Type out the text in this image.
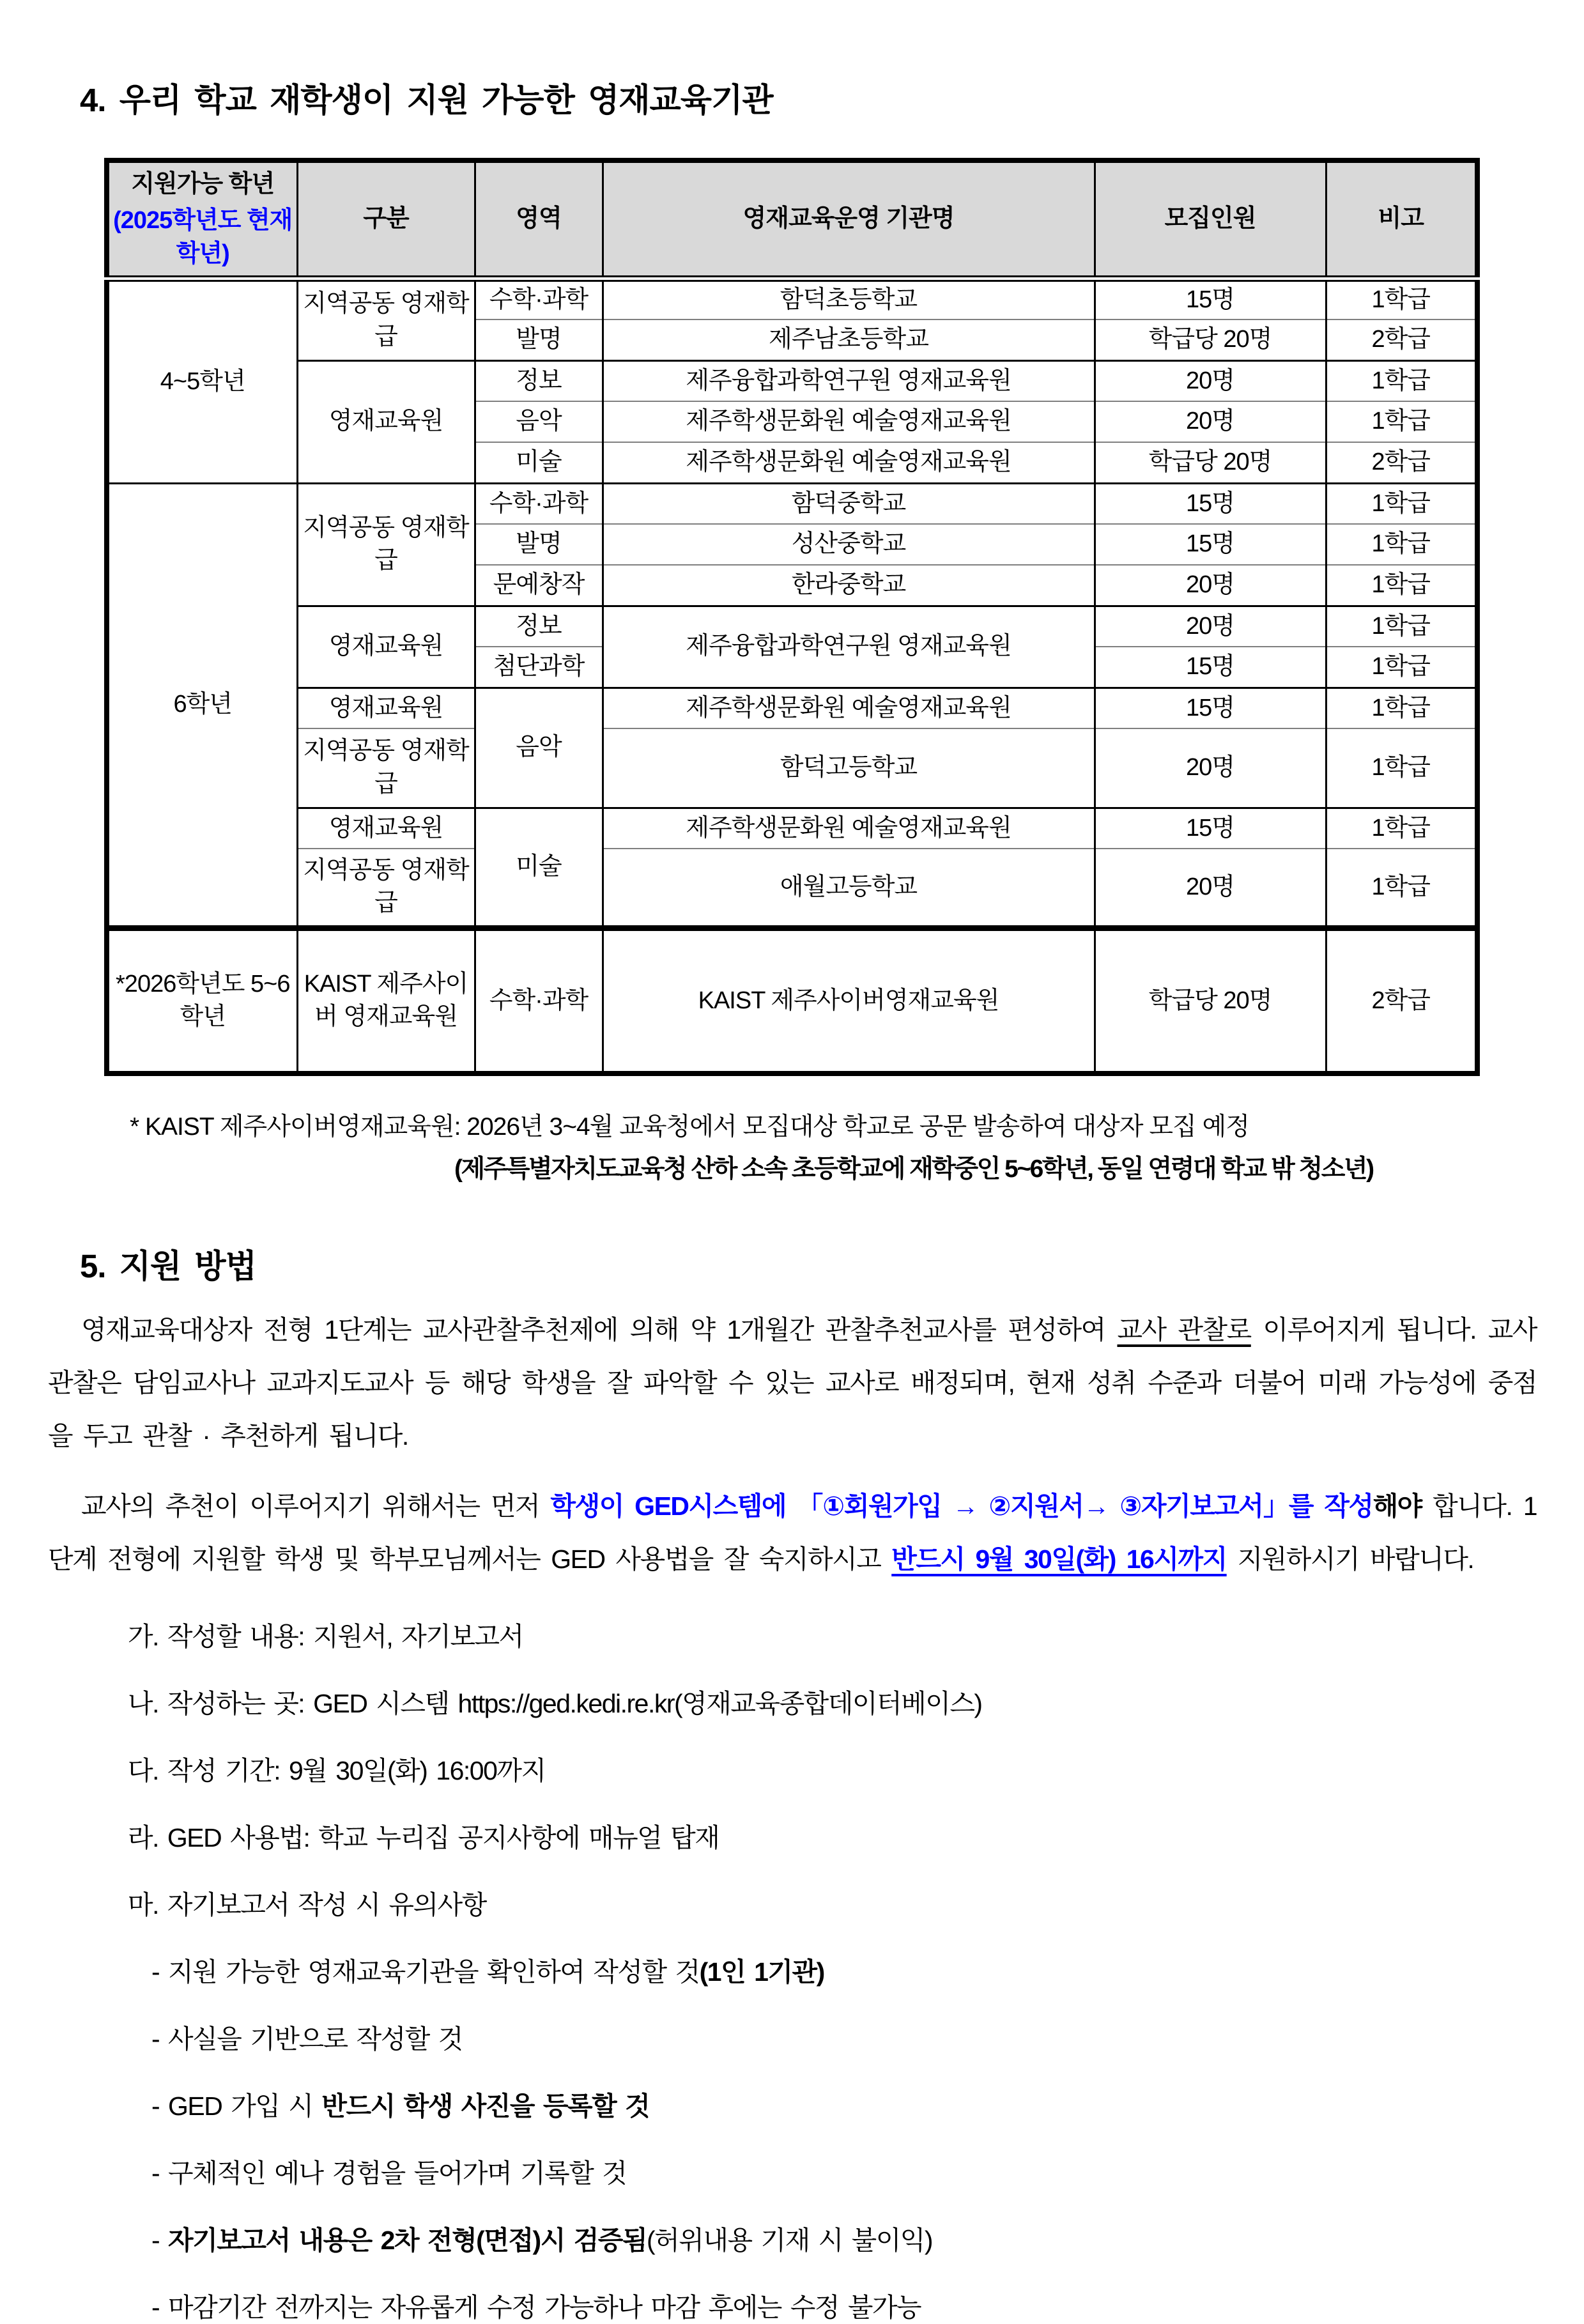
4. 우리 학교 재학생이 지원 가능한 영재교육기관
지원가능 학년
(2025학년도 현재 학년)	구분	영역	영재교육운영 기관명	모집인원	비고
4~5학년	지역공동 영재학급	수학·과학	함덕초등학교	15명	1학급
		발명	제주남초등학교	학급당 20명	2학급
	영재교육원	정보	제주융합과학연구원 영재교육원	20명	1학급
		음악	제주학생문화원 예술영재교육원	20명	1학급
		미술	제주학생문화원 예술영재교육원	학급당 20명	2학급
6학년	지역공동 영재학급	수학·과학	함덕중학교	15명	1학급
		발명	성산중학교	15명	1학급
		문예창작	한라중학교	20명	1학급
	영재교육원	정보	제주융합과학연구원 영재교육원	20명	1학급
		첨단과학		15명	1학급
	영재교육원	음악	제주학생문화원 예술영재교육원	15명	1학급
	지역공동 영재학급		함덕고등학교	20명	1학급
	영재교육원	미술	제주학생문화원 예술영재교육원	15명	1학급
	지역공동 영재학급		애월고등학교	20명	1학급
*2026학년도 5~6학년	KAIST 제주사이버 영재교육원	수학·과학	KAIST 제주사이버영재교육원	학급당 20명	2학급
* KAIST 제주사이버영재교육원: 2026년 3~4월 교육청에서 모집대상 학교로 공문 발송하여 대상자 모집 예정
(제주특별자치도교육청 산하 소속 초등학교에 재학중인 5~6학년, 동일 연령대 학교 밖 청소년)
5. 지원 방법
영재교육대상자 전형 1단계는 교사관찰추천제에 의해 약 1개월간 관찰추천교사를 편성하여 교사 관찰로 이루어지게 됩니다. 교사 관찰은 담임교사나 교과지도교사 등 해당 학생을 잘 파악할 수 있는 교사로 배정되며, 현재 성취 수준과 더불어 미래 가능성에 중점을 두고 관찰 · 추천하게 됩니다.
교사의 추천이 이루어지기 위해서는 먼저 학생이 GED시스템에 「①회원가입 → ②지원서→ ③자기보고서」를 작성해야 합니다. 1단계 전형에 지원할 학생 및 학부모님께서는 GED 사용법을 잘 숙지하시고 반드시 9월 30일(화) 16시까지 지원하시기 바랍니다.
가. 작성할 내용: 지원서, 자기보고서
나. 작성하는 곳: GED 시스템 https://ged.kedi.re.kr(영재교육종합데이터베이스)
다. 작성 기간: 9월 30일(화) 16:00까지
라. GED 사용법: 학교 누리집 공지사항에 매뉴얼 탑재
마. 자기보고서 작성 시 유의사항
- 지원 가능한 영재교육기관을 확인하여 작성할 것(1인 1기관)
- 사실을 기반으로 작성할 것
- GED 가입 시 반드시 학생 사진을 등록할 것
- 구체적인 예나 경험을 들어가며 기록할 것
- 자기보고서 내용은 2차 전형(면접)시 검증됨(허위내용 기재 시 불이익)
- 마감기간 전까지는 자유롭게 수정 가능하나 마감 후에는 수정 불가능
